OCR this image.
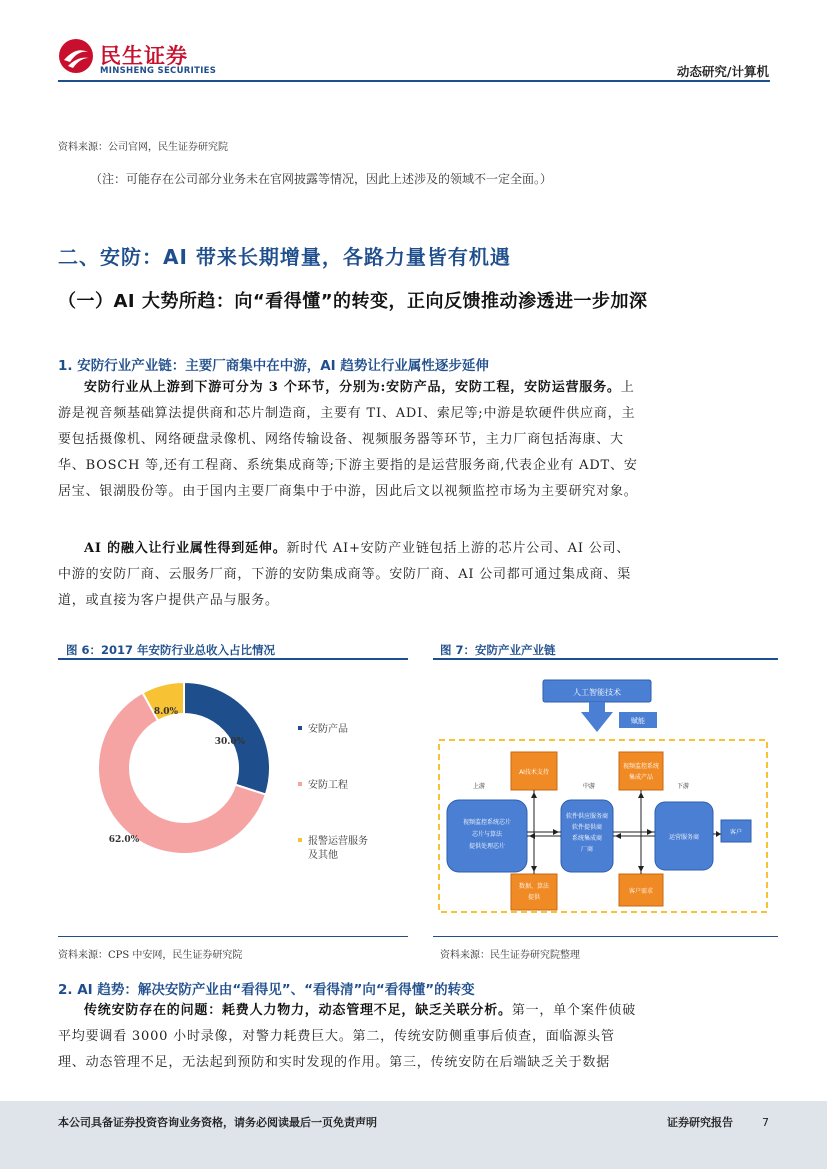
民生证券
MINSHENG SECURITIES	动态研究/计算机
资料来源：公司官网，民生证券研究院
（注：可能存在公司部分业务未在官网披露等情况，因此上述涉及的领域不一定全面。）
二、安防：AI 带来长期增量，各路力量皆有机遇
（一）AI 大势所趋：向“看得懂”的转变，正向反馈推动渗透进一步加深
1. 安防行业产业链：主要厂商集中在中游，AI 趋势让行业属性逐步延伸
安防行业从上游到下游可分为 3 个环节，分别为:安防产品，安防工程，安防运营服务。上游是视音频基础算法提供商和芯片制造商，主要有 TI、ADI、索尼等;中游是软硬件供应商，主要包括摄像机、网络硬盘录像机、网络传输设备、视频服务器等环节，主力厂商包括海康、大华、BOSCH 等,还有工程商、系统集成商等;下游主要指的是运营服务商,代表企业有 ADT、安居宝、银湖股份等。由于国内主要厂商集中于中游，因此后文以视频监控市场为主要研究对象。
AI 的融入让行业属性得到延伸。新时代 AI+安防产业链包括上游的芯片公司、AI 公司、中游的安防厂商、云服务厂商，下游的安防集成商等。安防厂商、AI 公司都可通过集成商、渠道，或直接为客户提供产品与服务。
图 6：2017 年安防行业总收入占比情况
30.0%
62.0%
8.0%
安防产品
安防工程
报警运营服务及其他
资料来源：CPS 中安网，民生证券研究院
图 7：安防产业产业链
人工智能技术
赋能
上游	中游	下游
视频监控系统芯片芯片与算法提供处理芯片
软件供应服务商软件提供商系统集成商厂商
运营服务商
客户
AI技术支持
视频监控系统集成产品
数据、算法提供
客户需求
资料来源：民生证券研究院整理
2. AI 趋势：解决安防产业由“看得见”、“看得清”向“看得懂”的转变
传统安防存在的问题：耗费人力物力，动态管理不足，缺乏关联分析。第一，单个案件侦破平均要调看 3000 小时录像，对警力耗费巨大。第二，传统安防侧重事后侦查，面临源头管理、动态管理不足，无法起到预防和实时发现的作用。第三，传统安防在后端缺乏关于数据
本公司具备证券投资咨询业务资格，请务必阅读最后一页免责声明	证券研究报告	7
